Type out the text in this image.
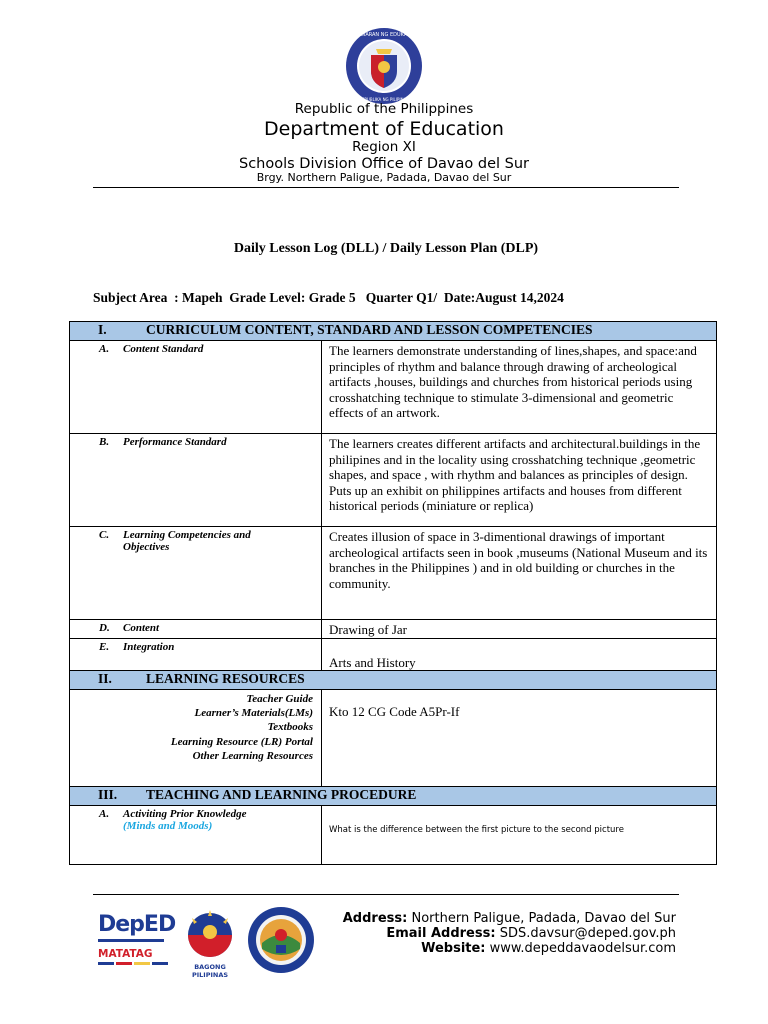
KAGAWARAN NG EDUKASYON
REPUBLIKA NG PILIPINAS
Republic of the Philippines
Department of Education
Region XI
Schools Division Office of Davao del Sur
Brgy. Northern Paligue, Padada, Davao del Sur
Daily Lesson Log (DLL) / Daily Lesson Plan (DLP)
Subject Area  : Mapeh  Grade Level: Grade 5   Quarter Q1/  Date:August 14,2024
I. CURRICULUM CONTENT, STANDARD AND LESSON COMPETENCIES	
A. Content Standard	The learners demonstrate understanding of lines,shapes, and space:and principles of rhythm and balance through drawing of archeological artifacts ,houses, buildings and churches from historical periods using crosshatching technique to stimulate 3-dimensional and geometric effects of an artwork.
B. Performance Standard	The learners creates different artifacts and architectural.buildings in the philipines and in the locality using crosshatching technique ,geometric shapes, and space , with rhythm and balances as principles of design. Puts up an exhibit on philippines artifacts and houses from different historical periods (miniature or replica)

C. Learning Competencies and Objectives	Creates illusion of space in 3-dimentional drawings of important archeological artifacts seen in book ,museums (National Museum and its branches in the Philippines ) and in old building or churches in the community.
D. Content	Drawing of Jar
E. Integration	Arts and History
II. LEARNING RESOURCES	

Teacher Guide
Learner’s Materials(LMs)
Textbooks
Learning Resource (LR) Portal
Other Learning Resources	Kto 12 CG Code A5Pr-If
III. TEACHING AND LEARNING PROCEDURE	

A. Activiting Prior Knowledge
(Minds and Moods)	What is the difference between the first picture to the second picture
DepED
MATATAG
BAGONG PILIPINAS
Address: Northern Paligue, Padada, Davao del Sur
Email Address: SDS.davsur@deped.gov.ph
Website: www.depeddavaodelsur.com
